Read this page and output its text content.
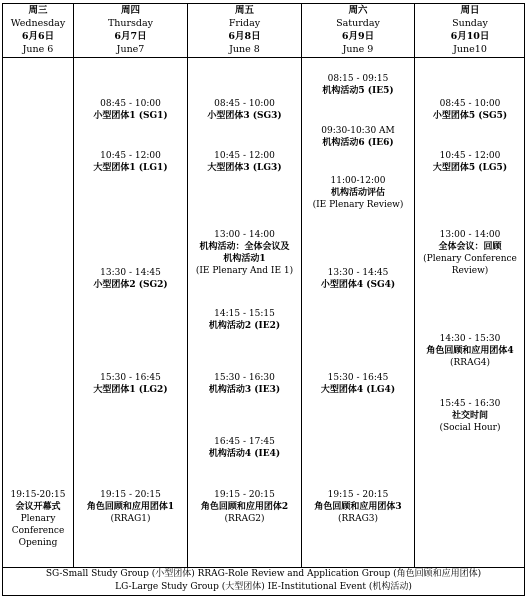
周三
Wednesday
6月6日
June 6
19:15-20:15
会议开幕式
Plenary
Conference
Opening
周四
Thursday
6月7日
June7
08:45 - 10:00
小型团体1 (SG1)
10:45 - 12:00
大型团体1 (LG1)
13:30 - 14:45
小型团体2 (SG2)
15:30 - 16:45
大型团体1 (LG2)
19:15 - 20:15
角色回顾和应用团体1
(RRAG1)
周五
Friday
6月8日
June 8
08:45 - 10:00
小型团体3 (SG3)
10:45 - 12:00
大型团体3 (LG3)
13:00 - 14:00
机构活动：全体会议及
机构活动1
(IE Plenary And IE 1)
14:15 - 15:15
机构活动2 (IE2)
15:30 - 16:30
机构活动3 (IE3)
16:45 - 17:45
机构活动4 (IE4)
19:15 - 20:15
角色回顾和应用团体2
(RRAG2)
周六
Saturday
6月9日
June 9
08:15 - 09:15
机构活动5 (IE5)
09:30-10:30 AM
机构活动6 (IE6)
11:00-12:00
机构活动评估
(IE Plenary Review)
13:30 - 14:45
小型团体4 (SG4)
15:30 - 16:45
大型团体4 (LG4)
19:15 - 20:15
角色回顾和应用团体3
(RRAG3)
周日
Sunday
6月10日
June10
08:45 - 10:00
小型团体5 (SG5)
10:45 - 12:00
大型团体5 (LG5)
13:00 - 14:00
全体会议：回顾
(Plenary Conference
Review)
14:30 - 15:30
角色回顾和应用团体4
(RRAG4)
15:45 - 16:30
社交时间
(Social Hour)
SG-Small Study Group (小型团体) RRAG-Role Review and Application Group (角色回顾和应用团体)
LG-Large Study Group (大型团体) IE-Institutional Event (机构活动)
